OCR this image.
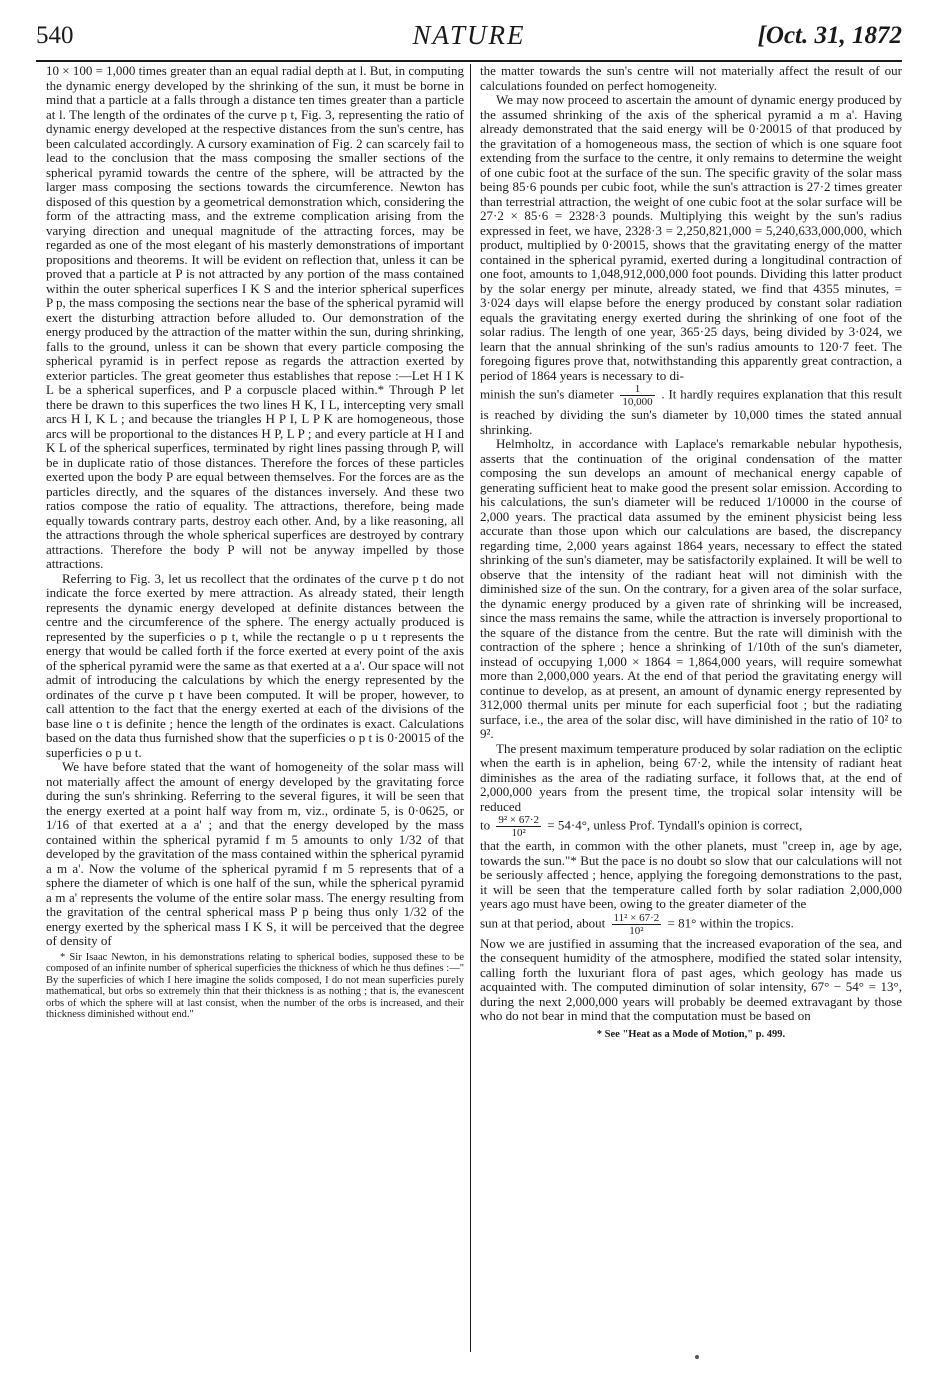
540	NATURE	[Oct. 31, 1872

10 × 100 = 1,000 times greater than an equal radial depth at l. But, in computing the dynamic energy developed by the shrinking of the sun, it must be borne in mind that a particle at a falls through a distance ten times greater than a particle at l. The length of the ordinates of the curve p t, Fig. 3, representing the ratio of dynamic energy developed at the respective distances from the sun's centre, has been calculated accordingly. A cursory examination of Fig. 2 can scarcely fail to lead to the conclusion that the mass composing the smaller sections of the spherical pyramid towards the centre of the sphere, will be attracted by the larger mass composing the sections towards the circumference. Newton has disposed of this question by a geometrical demonstration which, considering the form of the attracting mass, and the extreme complication arising from the varying direction and unequal magnitude of the attracting forces, may be regarded as one of the most elegant of his masterly demonstrations of important propositions and theorems. It will be evident on reflection that, unless it can be proved that a particle at P is not attracted by any portion of the mass contained within the outer spherical superfices I K S and the interior spherical superfices P p, the mass composing the sections near the base of the spherical pyramid will exert the disturbing attraction before alluded to. Our demonstration of the energy produced by the attraction of the matter within the sun, during shrinking, falls to the ground, unless it can be shown that every particle composing the spherical pyramid is in perfect repose as regards the attraction exerted by exterior particles. The great geometer thus establishes that repose :—Let H I K L be a spherical superfices, and P a corpuscle placed within.* Through P let there be drawn to this superfices the two lines H K, I L, intercepting very small arcs H I, K L ; and because the triangles H P I, L P K are homogeneous, those arcs will be proportional to the distances H P, L P ; and every particle at H I and K L of the spherical superfices, terminated by right lines passing through P, will be in duplicate ratio of those distances. Therefore the forces of these particles exerted upon the body P are equal between themselves. For the forces are as the particles directly, and the squares of the distances inversely. And these two ratios compose the ratio of equality. The attractions, therefore, being made equally towards contrary parts, destroy each other. And, by a like reasoning, all the attractions through the whole spherical superfices are destroyed by contrary attractions. Therefore the body P will not be anyway impelled by those attractions.

Referring to Fig. 3, let us recollect that the ordinates of the curve p t do not indicate the force exerted by mere attraction. As already stated, their length represents the dynamic energy developed at definite distances between the centre and the circumference of the sphere. The energy actually produced is represented by the superficies o p t, while the rectangle o p u t represents the energy that would be called forth if the force exerted at every point of the axis of the spherical pyramid were the same as that exerted at a a'. Our space will not admit of introducing the calculations by which the energy represented by the ordinates of the curve p t have been computed. It will be proper, however, to call attention to the fact that the energy exerted at each of the divisions of the base line o t is definite ; hence the length of the ordinates is exact. Calculations based on the data thus furnished show that the superficies o p t is 0·20015 of the superficies o p u t.

We have before stated that the want of homogeneity of the solar mass will not materially affect the amount of energy developed by the gravitating force during the sun's shrinking. Referring to the several figures, it will be seen that the energy exerted at a point half way from m, viz., ordinate 5, is 0·0625, or 1/16 of that exerted at a a' ; and that the energy developed by the mass contained within the spherical pyramid f m 5 amounts to only 1/32 of that developed by the gravitation of the mass contained within the spherical pyramid a m a'. Now the volume of the spherical pyramid f m 5 represents that of a sphere the diameter of which is one half of the sun, while the spherical pyramid a m a' represents the volume of the entire solar mass. The energy resulting from the gravitation of the central spherical mass P p being thus only 1/32 of the energy exerted by the spherical mass I K S, it will be perceived that the degree of density of

* Sir Isaac Newton, in his demonstrations relating to spherical bodies, supposed these to be composed of an infinite number of spherical superficies the thickness of which he thus defines :—" By the superficies of which I here imagine the solids composed, I do not mean superficies purely mathematical, but orbs so extremely thin that their thickness is as nothing ; that is, the evanescent orbs of which the sphere will at last consist, when the number of the orbs is increased, and their thickness diminished without end."

the matter towards the sun's centre will not materially affect the result of our calculations founded on perfect homogeneity.

We may now proceed to ascertain the amount of dynamic energy produced by the assumed shrinking of the axis of the spherical pyramid a m a'. Having already demonstrated that the said energy will be 0·20015 of that produced by the gravitation of a homogeneous mass, the section of which is one square foot extending from the surface to the centre, it only remains to determine the weight of one cubic foot at the surface of the sun. The specific gravity of the solar mass being 85·6 pounds per cubic foot, while the sun's attraction is 27·2 times greater than terrestrial attraction, the weight of one cubic foot at the solar surface will be 27·2 × 85·6 = 2328·3 pounds. Multiplying this weight by the sun's radius expressed in feet, we have, 2328·3 = 2,250,821,000 = 5,240,633,000,000, which product, multiplied by 0·20015, shows that the gravitating energy of the matter contained in the spherical pyramid, exerted during a longitudinal contraction of one foot, amounts to 1,048,912,000,000 foot pounds. Dividing this latter product by the solar energy per minute, already stated, we find that 4355 minutes, = 3·024 days will elapse before the energy produced by constant solar radiation equals the gravitating energy exerted during the shrinking of one foot of the solar radius. The length of one year, 365·25 days, being divided by 3·024, we learn that the annual shrinking of the sun's radius amounts to 120·7 feet. The foregoing figures prove that, notwithstanding this apparently great contraction, a period of 1864 years is necessary to di-

minish the sun's diameter $\frac{1}{10,000}$ . It hardly requires explanation that this result is reached by dividing the sun's diameter by 10,000 times the stated annual shrinking.

Helmholtz, in accordance with Laplace's remarkable nebular hypothesis, asserts that the continuation of the original condensation of the matter composing the sun develops an amount of mechanical energy capable of generating sufficient heat to make good the present solar emission. According to his calculations, the sun's diameter will be reduced 1/10000 in the course of 2,000 years. The practical data assumed by the eminent physicist being less accurate than those upon which our calculations are based, the discrepancy regarding time, 2,000 years against 1864 years, necessary to effect the stated shrinking of the sun's diameter, may be satisfactorily explained. It will be well to observe that the intensity of the radiant heat will not diminish with the diminished size of the sun. On the contrary, for a given area of the solar surface, the dynamic energy produced by a given rate of shrinking will be increased, since the mass remains the same, while the attraction is inversely proportional to the square of the distance from the centre. But the rate will diminish with the contraction of the sphere ; hence a shrinking of 1/10th of the sun's diameter, instead of occupying 1,000 × 1864 = 1,864,000 years, will require somewhat more than 2,000,000 years. At the end of that period the gravitating energy will continue to develop, as at present, an amount of dynamic energy represented by 312,000 thermal units per minute for each superficial foot ; but the radiating surface, i.e., the area of the solar disc, will have diminished in the ratio of 10² to 9².

The present maximum temperature produced by solar radiation on the ecliptic when the earth is in aphelion, being 67·2, while the intensity of radiant heat diminishes as the area of the radiating surface, it follows that, at the end of 2,000,000 years from the present time, the tropical solar intensity will be reduced

to $\frac{\text{9² × 67·2}}{\text{10²}} = 54\cdot 4^\circ$, unless Prof. Tyndall's opinion is correct,

that the earth, in common with the other planets, must "creep in, age by age, towards the sun."* But the pace is no doubt so slow that our calculations will not be seriously affected ; hence, applying the foregoing demonstrations to the past, it will be seen that the temperature called forth by solar radiation 2,000,000 years ago must have been, owing to the greater diameter of the

sun at that period, about $\frac{\text{11² × 67·2}}{\text{10²}} = 81^\circ$ within the tropics.

Now we are justified in assuming that the increased evaporation of the sea, and the consequent humidity of the atmosphere, modified the stated solar intensity, calling forth the luxuriant flora of past ages, which geology has made us acquainted with. The computed diminution of solar intensity, 67° − 54° = 13°, during the next 2,000,000 years will probably be deemed extravagant by those who do not bear in mind that the computation must be based on

* See "Heat as a Mode of Motion," p. 499.
